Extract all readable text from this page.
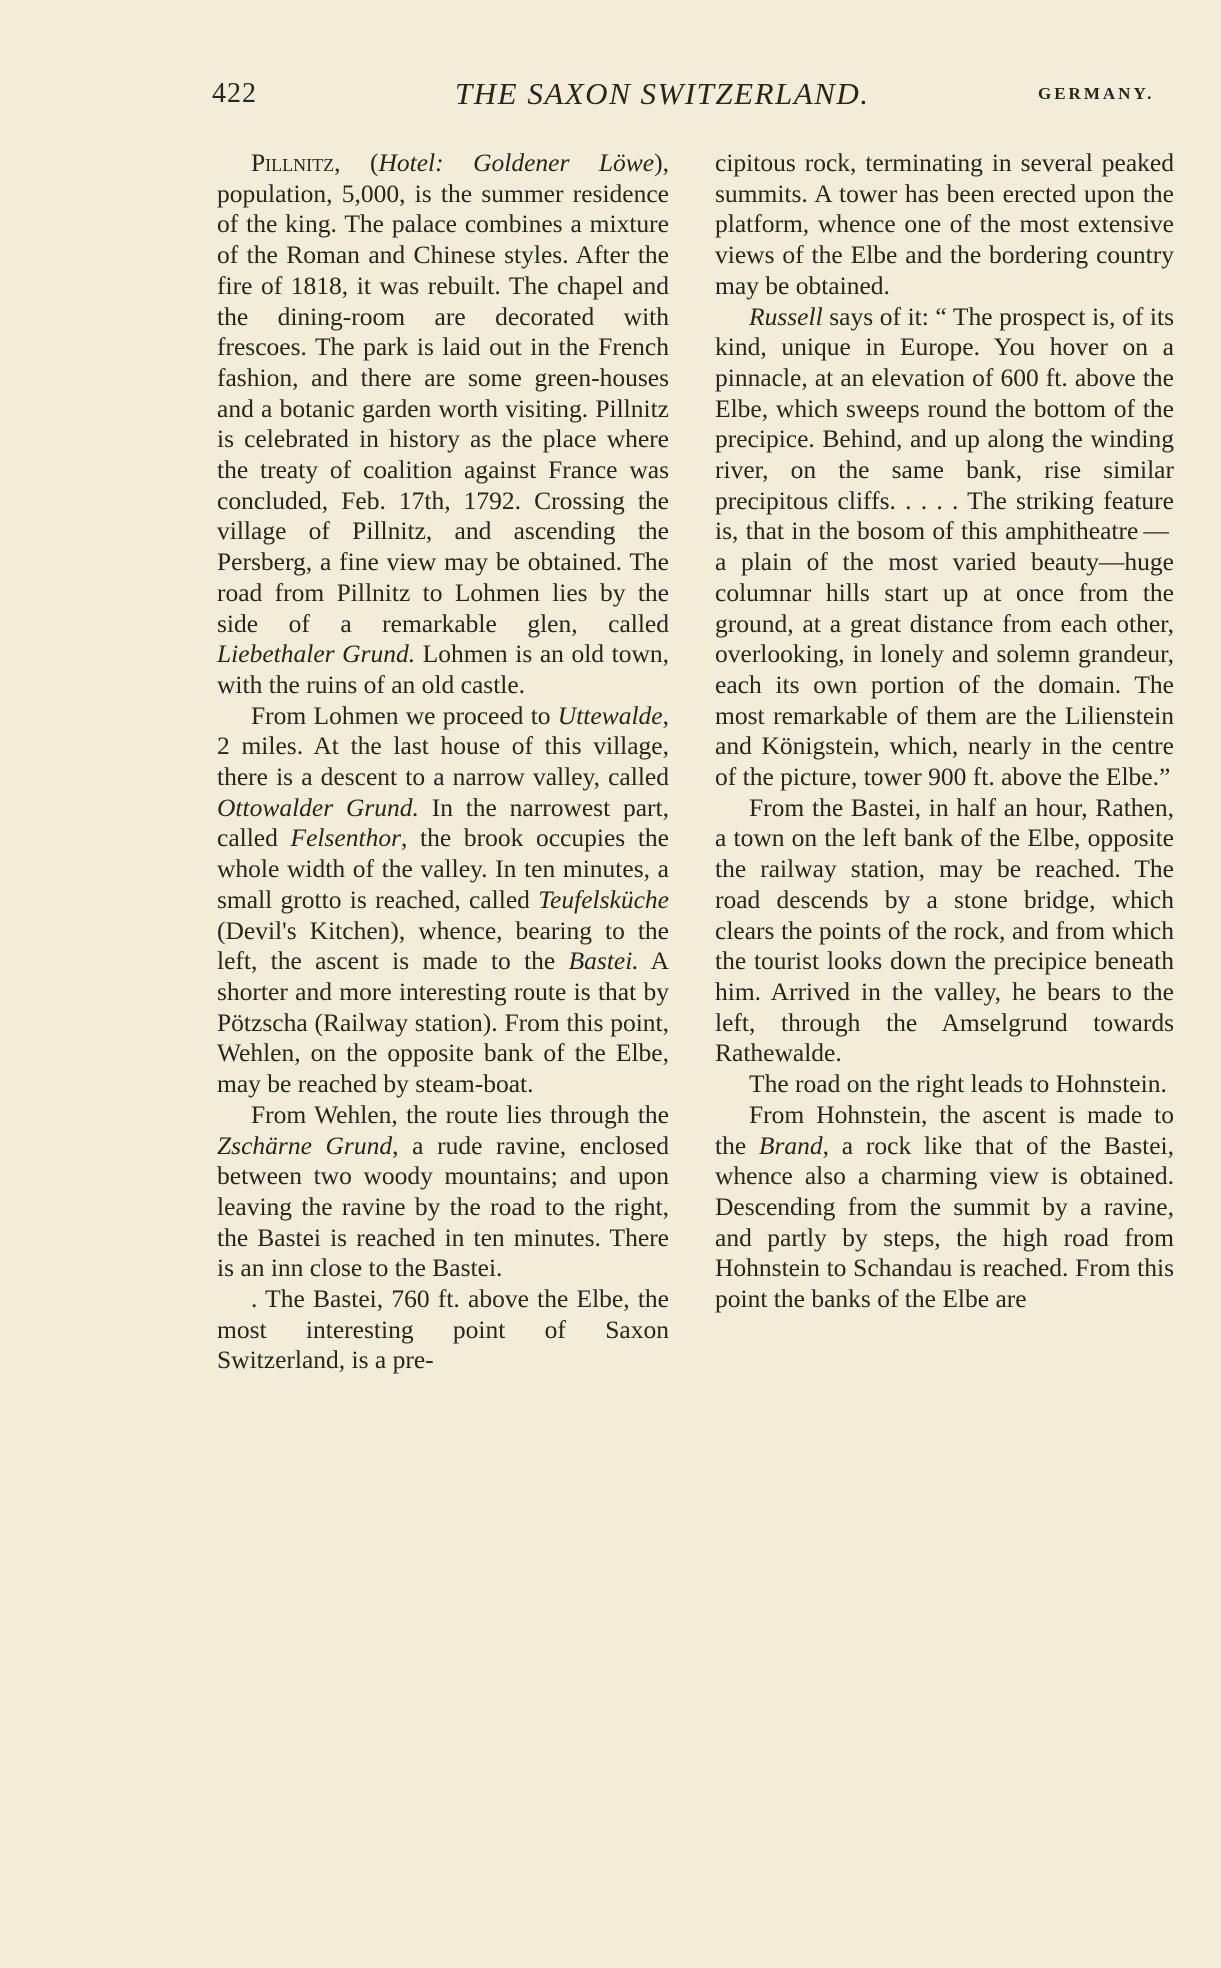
422	THE SAXON SWITZERLAND.	GERMANY.

Pillnitz, (Hotel: Goldener Löwe), population, 5,000, is the summer residence of the king. The palace combines a mixture of the Roman and Chinese styles. After the fire of 1818, it was rebuilt. The chapel and the dining-room are decorated with frescoes. The park is laid out in the French fashion, and there are some green-houses and a botanic garden worth visiting. Pillnitz is celebrated in history as the place where the treaty of coalition against France was concluded, Feb. 17th, 1792. Crossing the village of Pillnitz, and ascending the Persberg, a fine view may be obtained. The road from Pillnitz to Lohmen lies by the side of a remarkable glen, called Liebethaler Grund. Lohmen is an old town, with the ruins of an old castle.

From Lohmen we proceed to Uttewalde, 2 miles. At the last house of this village, there is a descent to a narrow valley, called Ottowalder Grund. In the narrowest part, called Felsenthor, the brook occupies the whole width of the valley. In ten minutes, a small grotto is reached, called Teufelsküche (Devil's Kitchen), whence, bearing to the left, the ascent is made to the Bastei. A shorter and more interesting route is that by Pötzscha (Railway station). From this point, Wehlen, on the opposite bank of the Elbe, may be reached by steam-boat.

From Wehlen, the route lies through the Zschärne Grund, a rude ravine, enclosed between two woody mountains; and upon leaving the ravine by the road to the right, the Bastei is reached in ten minutes. There is an inn close to the Bastei.

. The Bastei, 760 ft. above the Elbe, the most interesting point of Saxon Switzerland, is a pre-

cipitous rock, terminating in several peaked summits. A tower has been erected upon the platform, whence one of the most extensive views of the Elbe and the bordering country may be obtained.

Russell says of it: “ The prospect is, of its kind, unique in Europe. You hover on a pinnacle, at an elevation of 600 ft. above the Elbe, which sweeps round the bottom of the precipice. Behind, and up along the winding river, on the same bank, rise similar precipitous cliffs. . . . . The striking feature is, that in the bosom of this amphitheatre — a plain of the most varied beauty—huge columnar hills start up at once from the ground, at a great distance from each other, overlooking, in lonely and solemn grandeur, each its own portion of the domain. The most remarkable of them are the Lilienstein and Königstein, which, nearly in the centre of the picture, tower 900 ft. above the Elbe.”

From the Bastei, in half an hour, Rathen, a town on the left bank of the Elbe, opposite the railway station, may be reached. The road descends by a stone bridge, which clears the points of the rock, and from which the tourist looks down the precipice beneath him. Arrived in the valley, he bears to the left, through the Amselgrund towards Rathewalde.

The road on the right leads to Hohnstein.

From Hohnstein, the ascent is made to the Brand, a rock like that of the Bastei, whence also a charming view is obtained. Descending from the summit by a ravine, and partly by steps, the high road from Hohnstein to Schandau is reached. From this point the banks of the Elbe are
